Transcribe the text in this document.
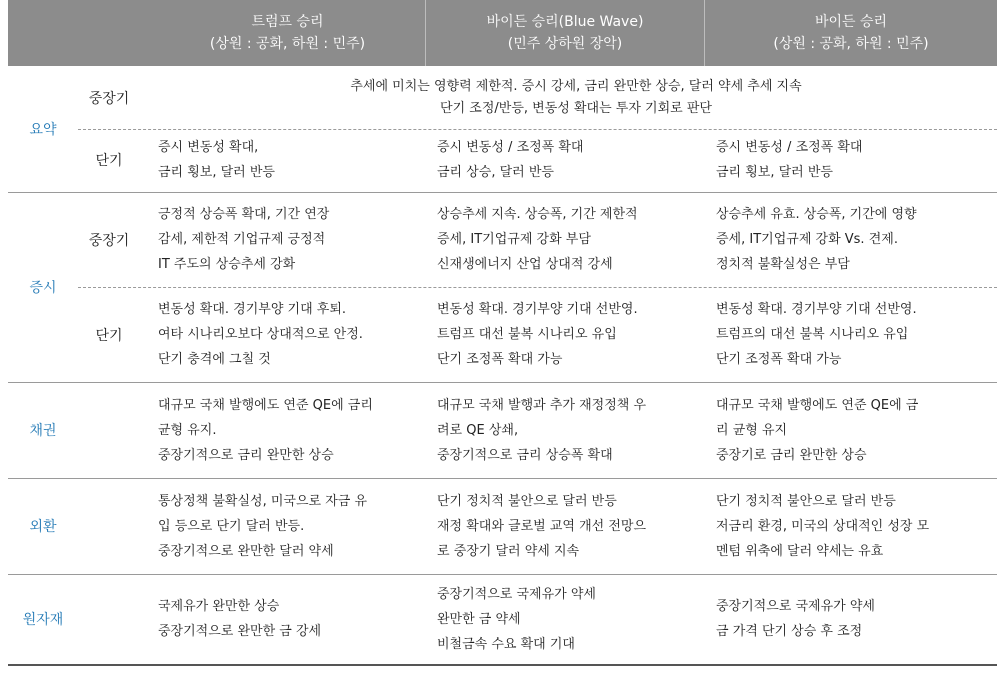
트럼프 승리
(상원 : 공화, 하원 : 민주)
바이든 승리(Blue Wave)
(민주 상하원 장악)
바이든 승리
(상원 : 공화, 하원 : 민주)
요약
중장기
추세에 미치는 영향력 제한적. 증시 강세, 금리 완만한 상승, 달러 약세 추세 지속
단기 조정/반등, 변동성 확대는 투자 기회로 판단
단기
증시 변동성 확대,
금리 횡보, 달러 반등
증시 변동성 / 조정폭 확대
금리 상승, 달러 반등
증시 변동성 / 조정폭 확대
금리 횡보, 달러 반등
증시
중장기
긍정적 상승폭 확대, 기간 연장
감세, 제한적 기업규제 긍정적
IT 주도의 상승추세 강화
상승추세 지속. 상승폭, 기간 제한적
증세, IT기업규제 강화 부담
신재생에너지 산업 상대적 강세
상승추세 유효. 상승폭, 기간에 영향
증세, IT기업규제 강화 Vs. 견제.
정치적 불확실성은 부담
단기
변동성 확대. 경기부양 기대 후퇴.
여타 시나리오보다 상대적으로 안정.
단기 충격에 그칠 것
변동성 확대. 경기부양 기대 선반영.
트럼프 대선 불복 시나리오 유입
단기 조정폭 확대 가능
변동성 확대. 경기부양 기대 선반영.
트럼프의 대선 불복 시나리오 유입
단기 조정폭 확대 가능
채권
대규모 국채 발행에도 연준 QE에 금리
균형 유지.
중장기적으로 금리 완만한 상승
대규모 국채 발행과 추가 재정정책 우
려로 QE 상쇄,
중장기적으로 금리 상승폭 확대
대규모 국채 발행에도 연준 QE에 금
리 균형 유지
중장기로 금리 완만한 상승
외환
통상정책 불확실성, 미국으로 자금 유
입 등으로 단기 달러 반등.
중장기적으로 완만한 달러 약세
단기 정치적 불안으로 달러 반등
재정 확대와 글로벌 교역 개선 전망으
로 중장기 달러 약세 지속
단기 정치적 불안으로 달러 반등
저금리 환경, 미국의 상대적인 성장 모
멘텀 위축에 달러 약세는 유효
원자재
국제유가 완만한 상승
중장기적으로 완만한 금 강세
중장기적으로 국제유가 약세
완만한 금 약세
비철금속 수요 확대 기대
중장기적으로 국제유가 약세
금 가격 단기 상승 후 조정
